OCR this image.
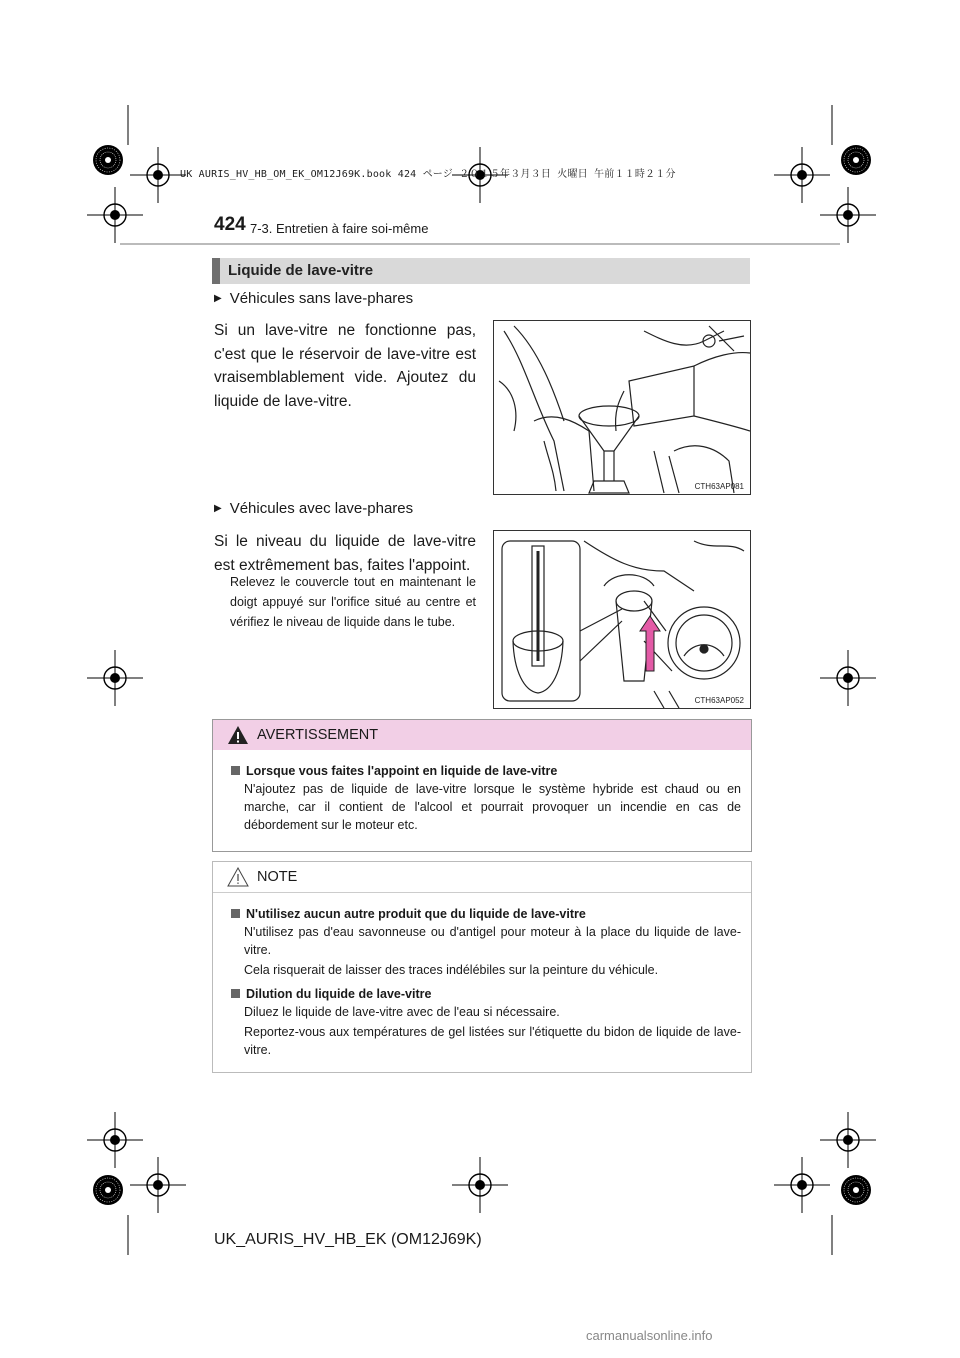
UK AURIS_HV_HB_OM_EK_OM12J69K.book 424 ページ ２０１５年３月３日 火曜日 午前１１時２１分
424 7-3. Entretien à faire soi-même
Liquide de lave-vitre
▶ Véhicules sans lave-phares
Si un lave-vitre ne fonctionne pas, c'est que le réservoir de lave-vitre est vraisemblablement vide. Ajoutez du liquide de lave-vitre.
CTH63AP081
▶ Véhicules avec lave-phares
Si le niveau du liquide de lave-vitre est extrêmement bas, faites l'appoint.
Relevez le couvercle tout en maintenant le doigt appuyé sur l'orifice situé au centre et vérifiez le niveau de liquide dans le tube.
CTH63AP052
AVERTISSEMENT
Lorsque vous faites l'appoint en liquide de lave-vitre
N'ajoutez pas de liquide de lave-vitre lorsque le système hybride est chaud ou en marche, car il contient de l'alcool et pourrait provoquer un incendie en cas de débordement sur le moteur etc.
NOTE
N'utilisez aucun autre produit que du liquide de lave-vitre
N'utilisez pas d'eau savonneuse ou d'antigel pour moteur à la place du liquide de lave-vitre.
Cela risquerait de laisser des traces indélébiles sur la peinture du véhicule.
Dilution du liquide de lave-vitre
Diluez le liquide de lave-vitre avec de l'eau si nécessaire.
Reportez-vous aux températures de gel listées sur l'étiquette du bidon de liquide de lave-vitre.
UK_AURIS_HV_HB_EK (OM12J69K)
carmanualsonline.info
